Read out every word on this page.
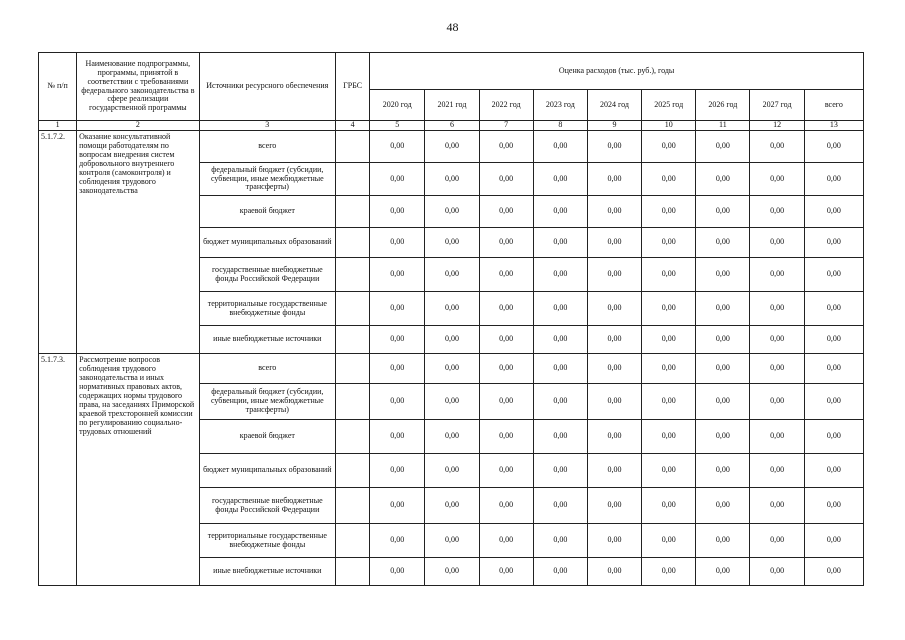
48
№ п/п	Наименование подпрограммы, программы, принятой в соответствии с требованиями федерального законодательства в сфере реализации государственной программы	Источники ресурсного обеспечения	ГРБС	Оценка расходов (тыс. руб.), годы								
				2020 год	2021 год	2022 год	2023 год	2024 год	2025 год	2026 год	2027 год	всего
1	2	3	4	5	6	7	8	9	10	11	12	13
5.1.7.2.	Оказание консультативной помощи работодателям по вопросам внедрения систем добровольного внутреннего контроля (самоконтроля) и соблюдения трудового законодательства	всего		0,00	0,00	0,00	0,00	0,00	0,00	0,00	0,00	0,00
		федеральный бюджет (субсидии, субвенции, иные межбюджетные трансферты)		0,00	0,00	0,00	0,00	0,00	0,00	0,00	0,00	0,00
		краевой бюджет		0,00	0,00	0,00	0,00	0,00	0,00	0,00	0,00	0,00
		бюджет муниципальных образований		0,00	0,00	0,00	0,00	0,00	0,00	0,00	0,00	0,00
		государственные внебюджетные фонды Российской Федерации		0,00	0,00	0,00	0,00	0,00	0,00	0,00	0,00	0,00
		территориальные государственные внебюджетные фонды		0,00	0,00	0,00	0,00	0,00	0,00	0,00	0,00	0,00
		иные внебюджетные источники		0,00	0,00	0,00	0,00	0,00	0,00	0,00	0,00	0,00
5.1.7.3.	Рассмотрение вопросов соблюдения трудового законодательства и иных нормативных правовых актов, содержащих нормы трудового права, на заседаниях Приморской краевой трехсторонней комиссии по регулированию социально-трудовых отношений	всего		0,00	0,00	0,00	0,00	0,00	0,00	0,00	0,00	0,00
		федеральный бюджет (субсидии, субвенции, иные межбюджетные трансферты)		0,00	0,00	0,00	0,00	0,00	0,00	0,00	0,00	0,00
		краевой бюджет		0,00	0,00	0,00	0,00	0,00	0,00	0,00	0,00	0,00
		бюджет муниципальных образований		0,00	0,00	0,00	0,00	0,00	0,00	0,00	0,00	0,00
		государственные внебюджетные фонды Российской Федерации		0,00	0,00	0,00	0,00	0,00	0,00	0,00	0,00	0,00
		территориальные государственные внебюджетные фонды		0,00	0,00	0,00	0,00	0,00	0,00	0,00	0,00	0,00
		иные внебюджетные источники		0,00	0,00	0,00	0,00	0,00	0,00	0,00	0,00	0,00
